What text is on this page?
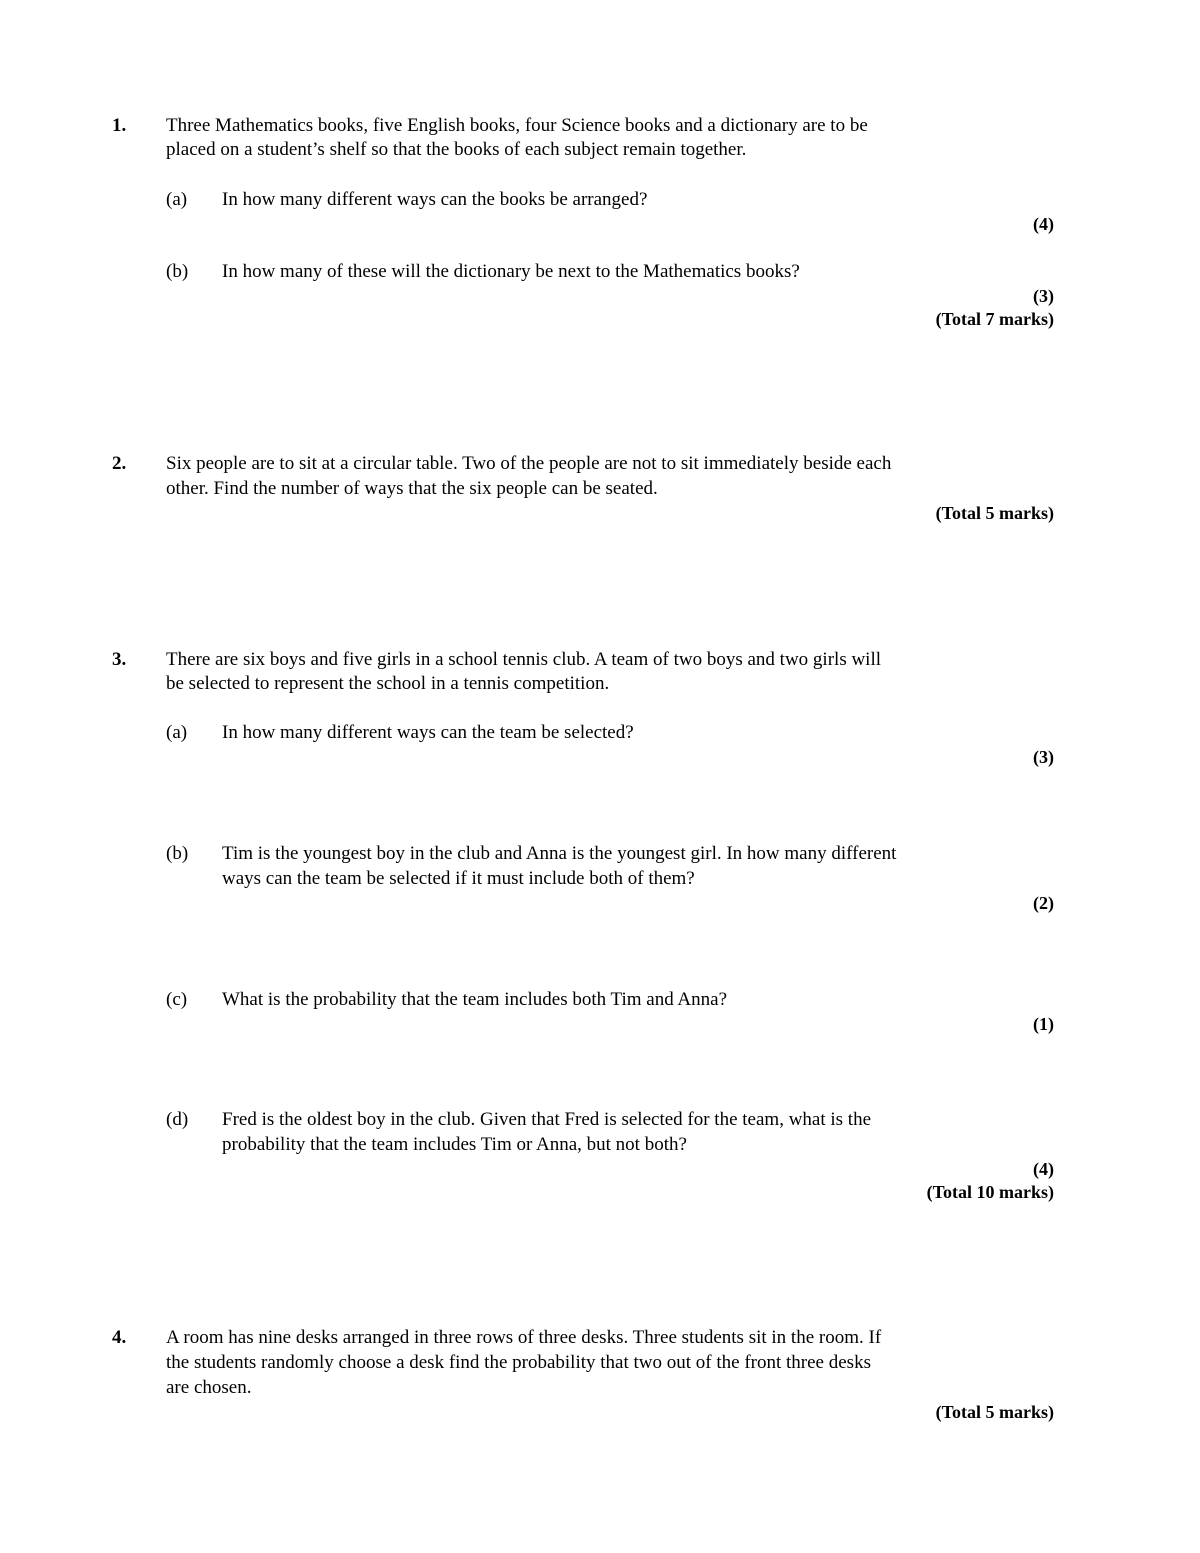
1. Three Mathematics books, five English books, four Science books and a dictionary are to be
placed on a student’s shelf so that the books of each subject remain together.
(a) In how many different ways can the books be arranged?
(4)
(b) In how many of these will the dictionary be next to the Mathematics books?
(3)
(Total 7 marks)
2. Six people are to sit at a circular table. Two of the people are not to sit immediately beside each
other. Find the number of ways that the six people can be seated.
(Total 5 marks)
3. There are six boys and five girls in a school tennis club. A team of two boys and two girls will
be selected to represent the school in a tennis competition.
(a) In how many different ways can the team be selected?
(3)
(b) Tim is the youngest boy in the club and Anna is the youngest girl. In how many different
ways can the team be selected if it must include both of them?
(2)
(c) What is the probability that the team includes both Tim and Anna?
(1)
(d) Fred is the oldest boy in the club. Given that Fred is selected for the team, what is the
probability that the team includes Tim or Anna, but not both?
(4)
(Total 10 marks)
4. A room has nine desks arranged in three rows of three desks. Three students sit in the room. If
the students randomly choose a desk find the probability that two out of the front three desks
are chosen.
(Total 5 marks)
